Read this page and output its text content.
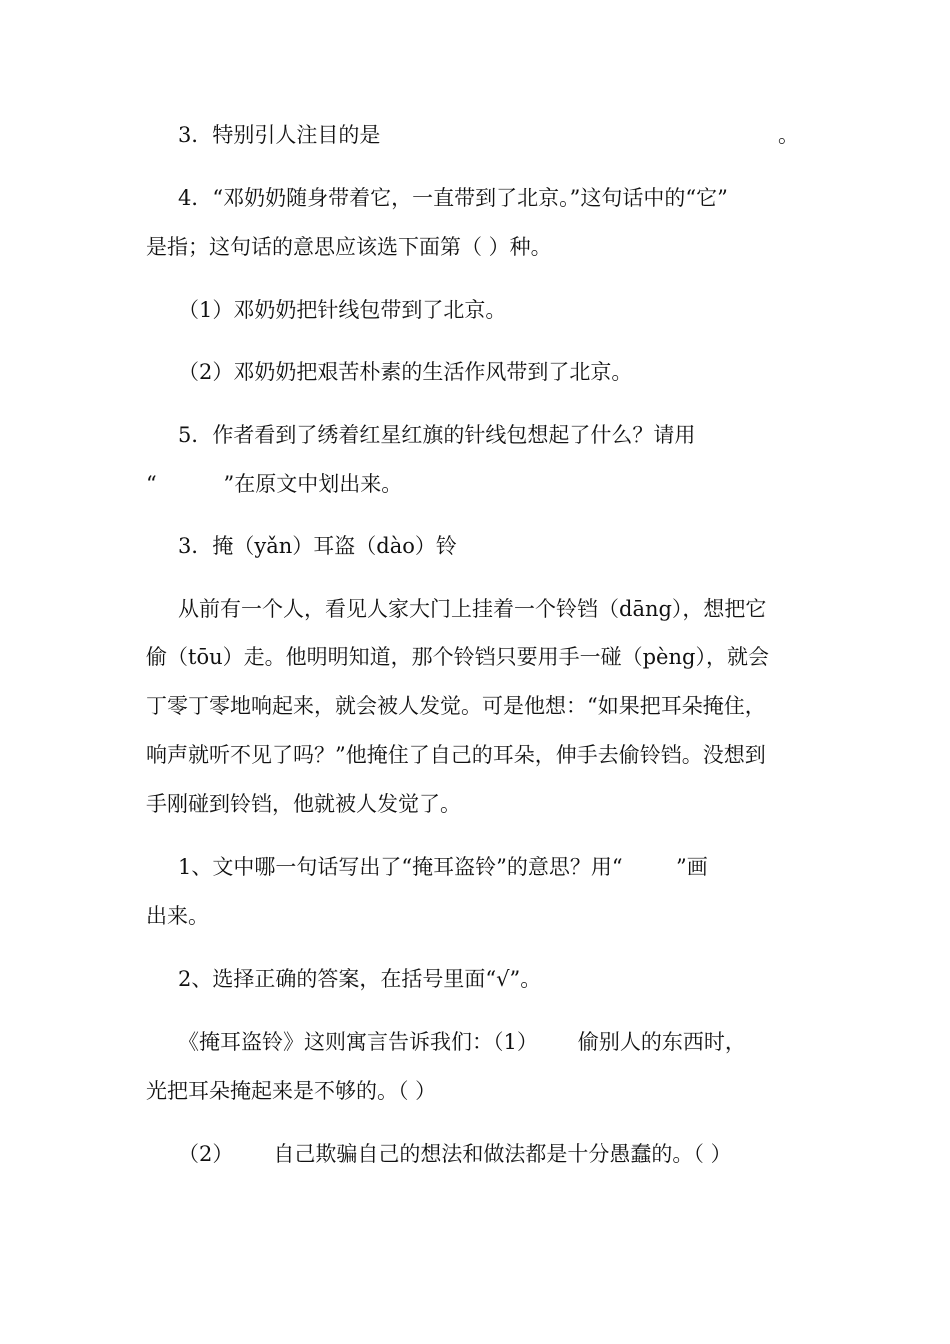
3．特别引人注目的是	。

4．“邓奶奶随身带着它，一直带到了北京。”这句话中的“它”

是指；这句话的意思应该选下面第（ ）种。

（1）邓奶奶把针线包带到了北京。

（2）邓奶奶把艰苦朴素的生活作风带到了北京。

5．作者看到了绣着红星红旗的针线包想起了什么？请用

“          ”在原文中划出来。

3．掩（yǎn）耳盗（dào）铃

从前有一个人，看见人家大门上挂着一个铃铛（dāng），想把它

偷（tōu）走。他明明知道，那个铃铛只要用手一碰（pèng），就会

丁零丁零地响起来，就会被人发觉。可是他想：“如果把耳朵掩住，

响声就听不见了吗？”他掩住了自己的耳朵，伸手去偷铃铛。没想到

手刚碰到铃铛，他就被人发觉了。

1、文中哪一句话写出了“掩耳盗铃”的意思？用“        ”画

出来。

2、选择正确的答案，在括号里面“√”。

《掩耳盗铃》这则寓言告诉我们：（1）      偷别人的东西时，

光把耳朵掩起来是不够的。（ ）

（2）      自己欺骗自己的想法和做法都是十分愚蠢的。（ ）
